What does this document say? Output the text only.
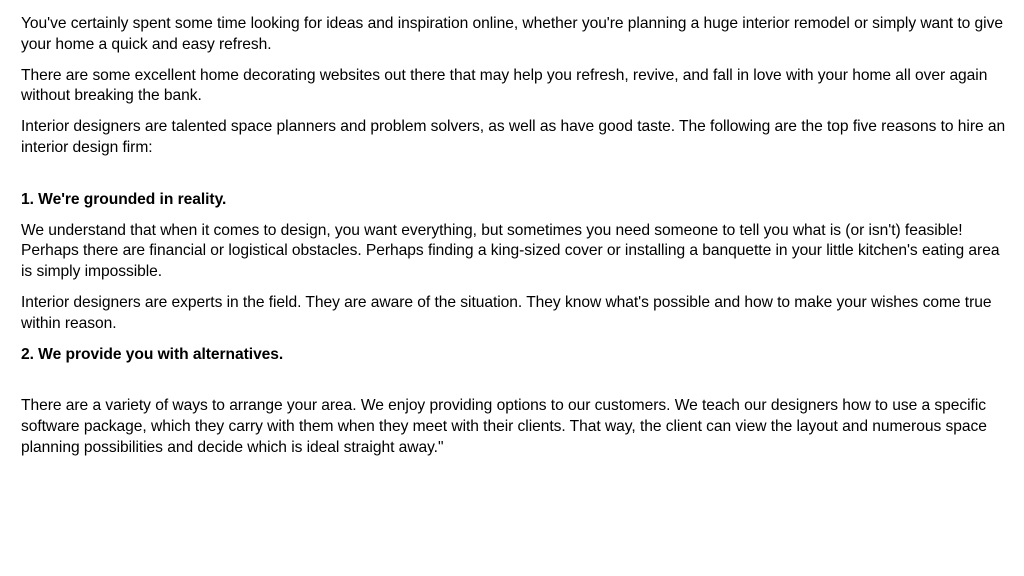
You've certainly spent some time looking for ideas and inspiration online, whether you're planning a huge interior remodel or simply want to give your home a quick and easy refresh.

There are some excellent home decorating websites out there that may help you refresh, revive, and fall in love with your home all over again without breaking the bank.

Interior designers are talented space planners and problem solvers, as well as have good taste. The following are the top five reasons to hire an interior design firm:

1. We're grounded in reality.

We understand that when it comes to design, you want everything, but sometimes you need someone to tell you what is (or isn't) feasible! Perhaps there are financial or logistical obstacles. Perhaps finding a king-sized cover or installing a banquette in your little kitchen's eating area is simply impossible.

Interior designers are experts in the field. They are aware of the situation. They know what's possible and how to make your wishes come true within reason.

2. We provide you with alternatives.

There are a variety of ways to arrange your area. We enjoy providing options to our customers. We teach our designers how to use a specific software package, which they carry with them when they meet with their clients. That way, the client can view the layout and numerous space planning possibilities and decide which is ideal straight away."
